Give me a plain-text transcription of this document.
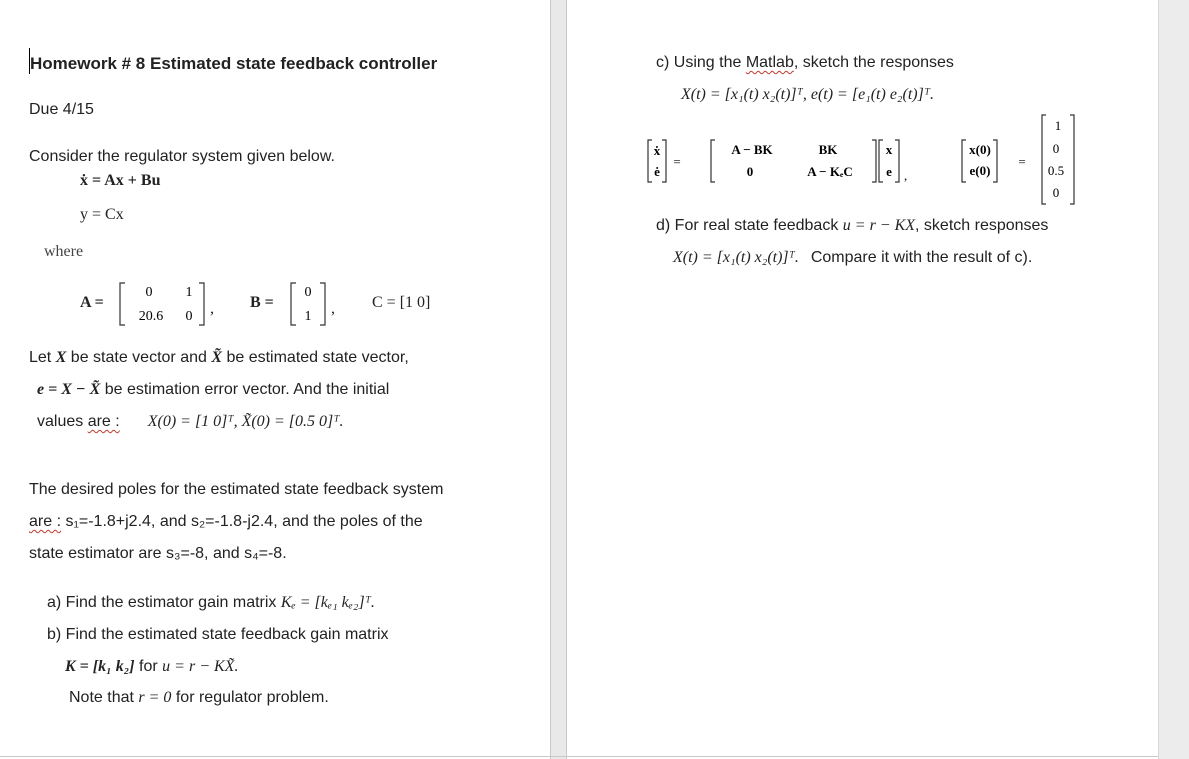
Homework # 8 Estimated state feedback controller
Due 4/15
Consider the regulator system given below.
ẋ = Ax + Bu
y = Cx
where
A =
0 1
20.6 0 , B =
0
1 , C = [1 0]
Let X be state vector and X̃ be estimated state vector,
e = X − X̃ be estimation error vector. And the initial
values are : X(0) = [1 0]ᵀ, X̃(0) = [0.5 0]ᵀ.
The desired poles for the estimated state feedback system
are : s₁=-1.8+j2.4, and s₂=-1.8-j2.4, and the poles of the
state estimator are s₃=-8, and s₄=-8.
a) Find the estimator gain matrix Kₑ = [kₑ₁ kₑ₂]ᵀ.
b) Find the estimated state feedback gain matrix
K = [k₁ k₂] for u = r − KX̃.
Note that r = 0 for regulator problem.
c) Using the Matlab, sketch the responses
X(t) = [x₁(t) x₂(t)]ᵀ, e(t) = [e₁(t) e₂(t)]ᵀ.
ẋ
ė
=
A − BK	BK
0	A − KₑC
x
e ,
x(0)
e(0)
=
1
0
0.5
0
d) For real state feedback u = r − KX, sketch responses
X(t) = [x₁(t) x₂(t)]ᵀ. Compare it with the result of c).
